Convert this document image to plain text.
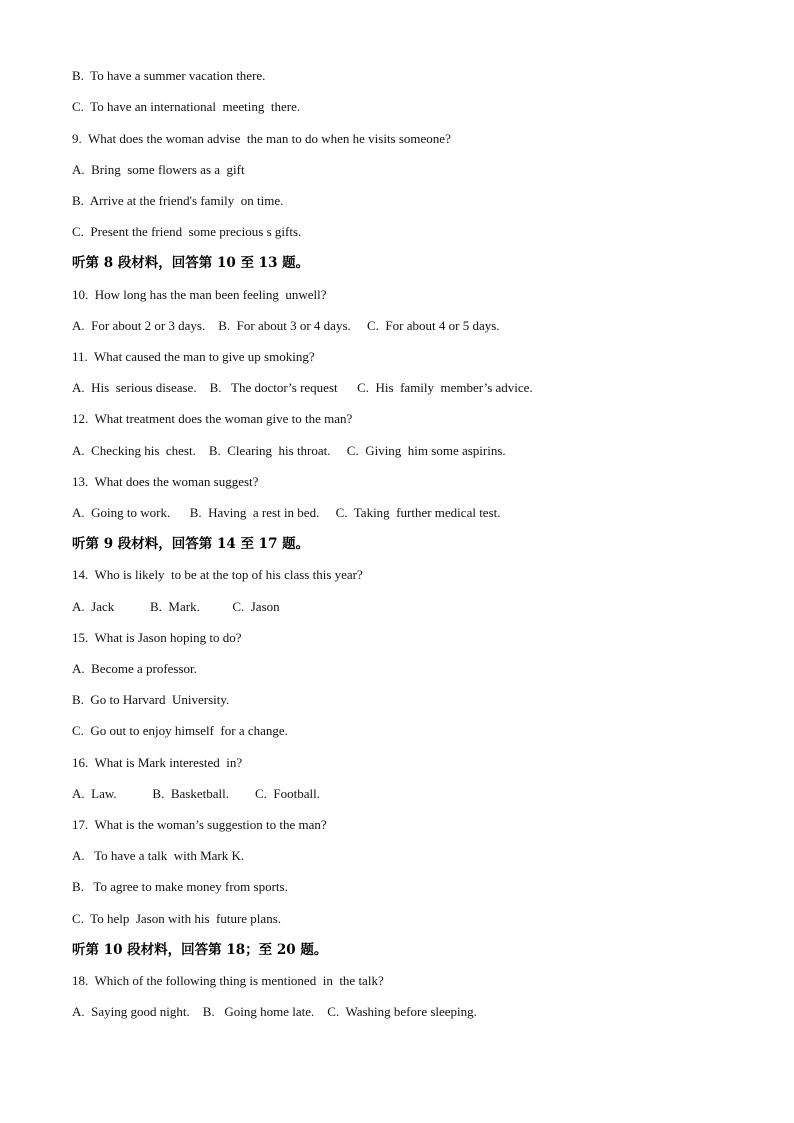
B.  To have a summer vacation there.
C.  To have an international  meeting  there.
9.  What does the woman advise  the man to do when he visits someone?
A.  Bring  some flowers as a  gift
B.  Arrive at the friend's family  on time.
C.  Present the friend  some precious s gifts.
听第 8 段材料，回答第 10 至 13 题。
10.  How long has the man been feeling  unwell?
A.  For about 2 or 3 days.    B.  For about 3 or 4 days.     C.  For about 4 or 5 days.
11.  What caused the man to give up smoking?
A.  His  serious disease.    B.   The doctor’s request      C.  His  family  member’s advice.
12.  What treatment does the woman give to the man?
A.  Checking his  chest.    B.  Clearing  his throat.     C.  Giving  him some aspirins.
13.  What does the woman suggest?
A.  Going to work.      B.  Having  a rest in bed.     C.  Taking  further medical test.
听第 9 段材料，回答第 14 至 17 题。
14.  Who is likely  to be at the top of his class this year?
A.  Jack           B.  Mark.          C.  Jason
15.  What is Jason hoping to do?
A.  Become a professor.
B.  Go to Harvard  University.
C.  Go out to enjoy himself  for a change.
16.  What is Mark interested  in?
A.  Law.           B.  Basketball.        C.  Football.
17.  What is the woman’s suggestion to the man?
A.   To have a talk  with Mark K.
B.   To agree to make money from sports.
C.  To help  Jason with his  future plans.
听第 10 段材料，回答第 18；至 20 题。
18.  Which of the following thing is mentioned  in  the talk?
A.  Saying good night.    B.   Going home late.    C.  Washing before sleeping.
